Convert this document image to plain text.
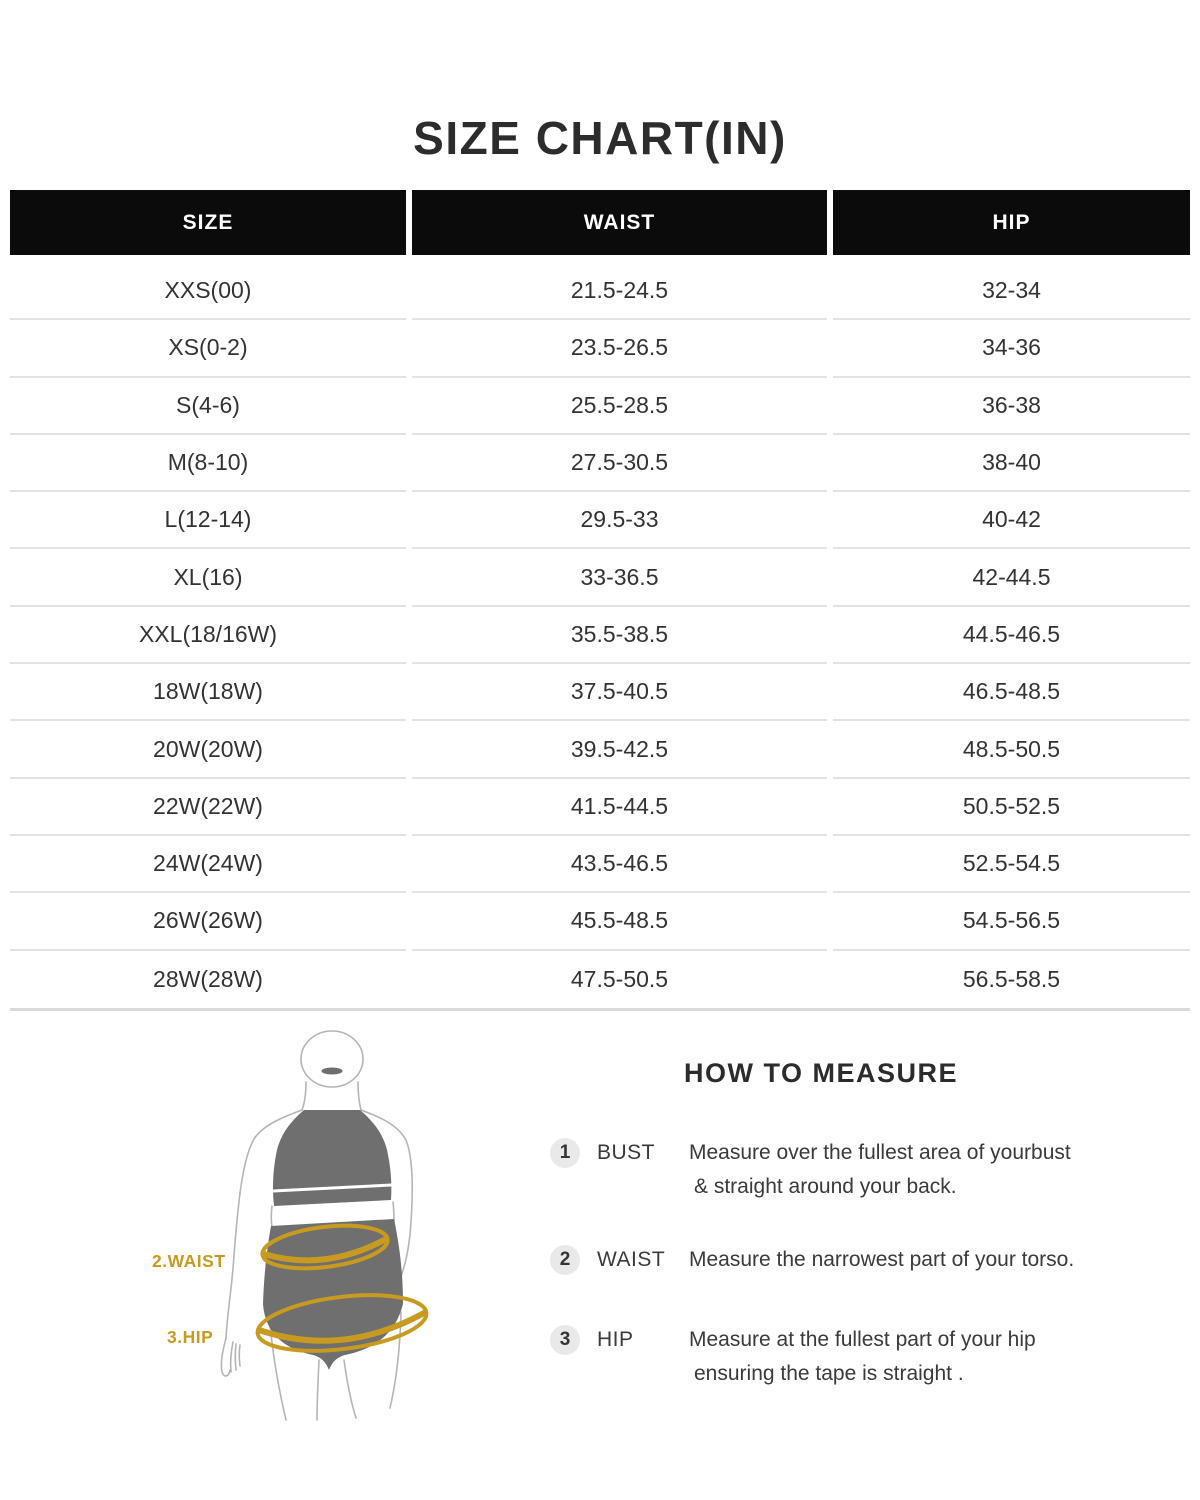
SIZE CHART(IN)
SIZE	WAIST	HIP
XXS(00)	21.5-24.5	32-34
XS(0-2)	23.5-26.5	34-36
S(4-6)	25.5-28.5	36-38
M(8-10)	27.5-30.5	38-40
L(12-14)	29.5-33	40-42
XL(16)	33-36.5	42-44.5
XXL(18/16W)	35.5-38.5	44.5-46.5
18W(18W)	37.5-40.5	46.5-48.5
20W(20W)	39.5-42.5	48.5-50.5
22W(22W)	41.5-44.5	50.5-52.5
24W(24W)	43.5-46.5	52.5-54.5
26W(26W)	45.5-48.5	54.5-56.5
28W(28W)	47.5-50.5	56.5-58.5
2.WAIST
3.HIP
HOW TO MEASURE
1	BUST	Measure over the fullest area of yourbust
& straight around your back.
2	WAIST	Measure the narrowest part of your torso.
3	HIP	Measure at the fullest part of your hip
ensuring the tape is straight .
